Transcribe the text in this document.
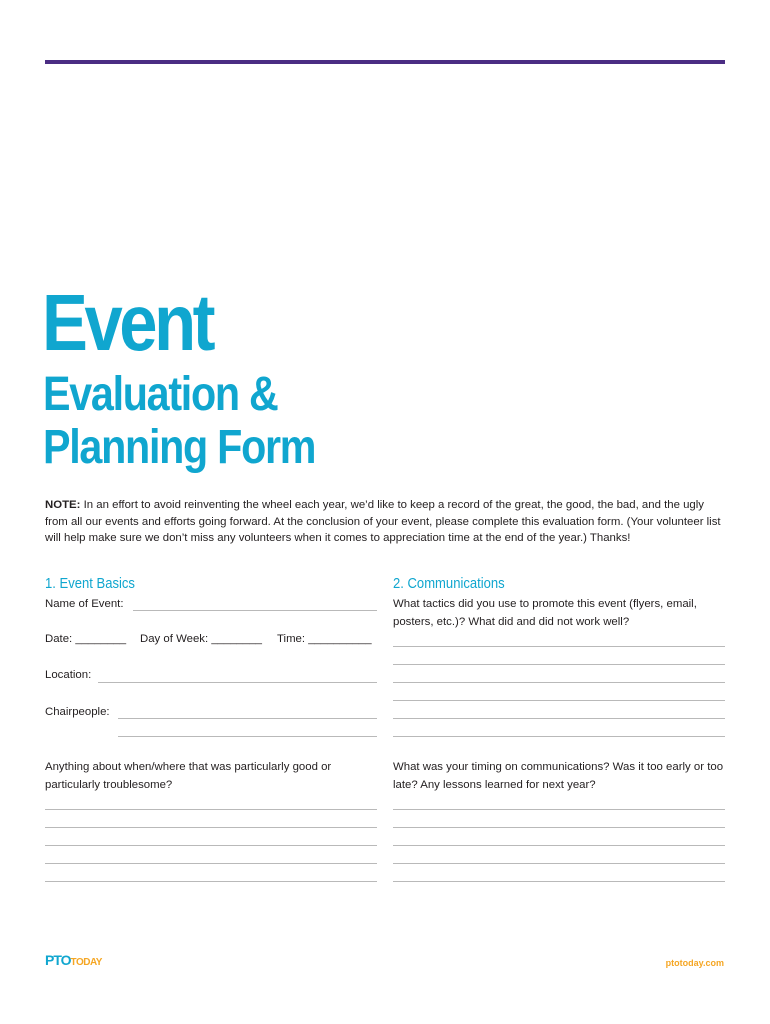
Event
Evaluation &
Planning Form

NOTE: In an effort to avoid reinventing the wheel each year, we’d like to keep a record of the great, the good, the bad, and the ugly from all our events and efforts going forward. At the conclusion of your event, please complete this evaluation form. (Your volunteer list will help make sure we don’t miss any volunteers when it comes to appreciation time at the end of the year.) Thanks!

1. Event Basics
Name of Event:
Date: ________ Day of Week: ________ Time: __________
Location:
Chairpeople:
Anything about when/where that was particularly good or particularly troublesome?
2. Communications
What tactics did you use to promote this event (flyers, email, posters, etc.)? What did and did not work well?
What was your timing on communications? Was it too early or too late? Any lessons learned for next year?
PTOTODAY	ptotoday.com
